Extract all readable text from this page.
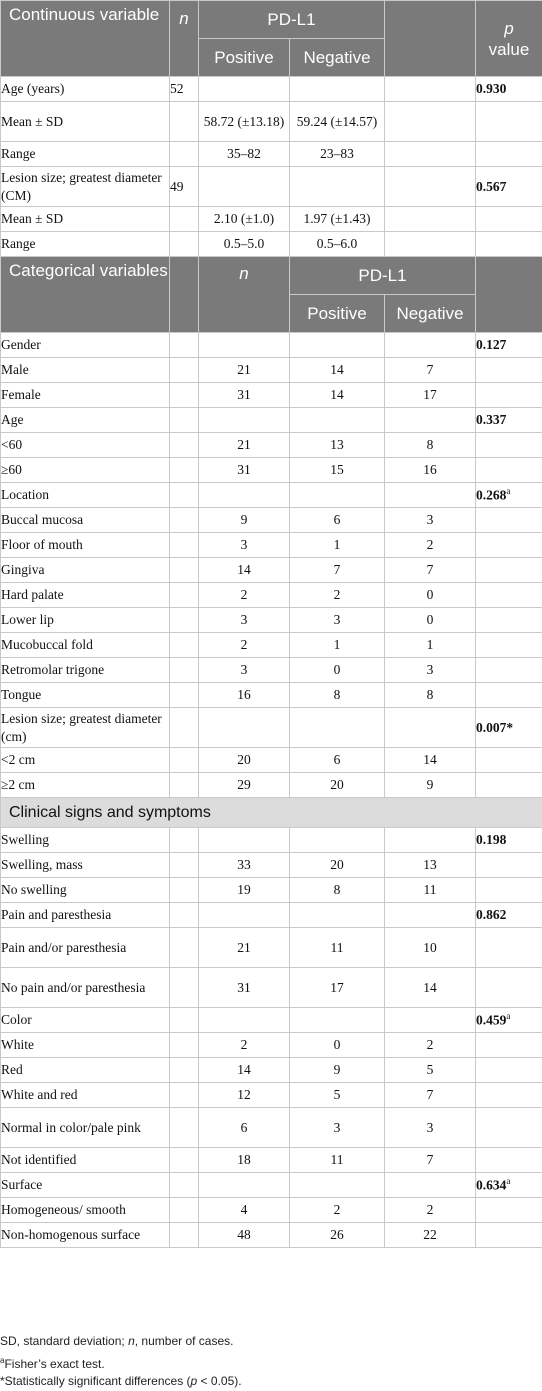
Continuous variable	n	PD-L1			p
value
		Positive	Negative		
Age (years)	52				0.930
Mean ± SD		58.72 (±13.18)	59.24 (±14.57)		
Range		35–82	23–83		
Lesion size; greatest diameter (CM)	49				0.567
Mean ± SD		2.10 (±1.0)	1.97 (±1.43)		
Range		0.5–5.0	0.5–6.0		
Categorical variables		n	PD-L1		
			Positive	Negative	
Gender					0.127
Male		21	14	7	
Female		31	14	17	
Age					0.337
<60		21	13	8	
≥60		31	15	16	
Location					0.268$^a$
Buccal mucosa		9	6	3	
Floor of mouth		3	1	2	
Gingiva		14	7	7	
Hard palate		2	2	0	
Lower lip		3	3	0	
Mucobuccal fold		2	1	1	
Retromolar trigone		3	0	3	
Tongue		16	8	8	
Lesion size; greatest diameter (cm)					0.007*
<2 cm		20	6	14	
≥2 cm		29	20	9	
Clinical signs and symptoms					
Swelling					0.198
Swelling, mass		33	20	13	
No swelling		19	8	11	
Pain and paresthesia					0.862
Pain and/or paresthesia		21	11	10	
No pain and/or paresthesia		31	17	14	
Color					0.459$^a$
White		2	0	2	
Red		14	9	5	
White and red		12	5	7	
Normal in color/pale pink		6	3	3	
Not identified		18	11	7	
Surface					0.634$^a$
Homogeneous/ smooth		4	2	2	
Non-homogenous surface		48	26	22	
SD, standard deviation; n, number of cases.
$^a$Fisher’s exact test.
*Statistically significant differences (p < 0.05).
